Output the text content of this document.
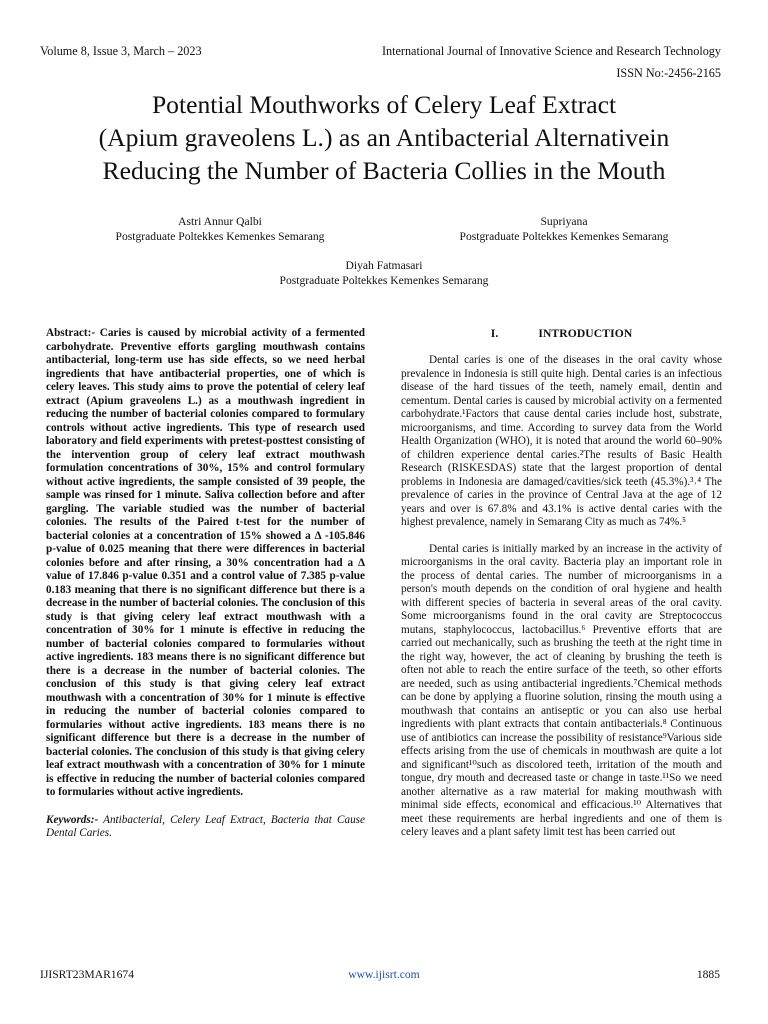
Volume 8, Issue 3, March – 2023	International Journal of Innovative Science and Research Technology
ISSN No:-2456-2165
Potential Mouthworks of Celery Leaf Extract
(Apium graveolens L.) as an Antibacterial Alternativein
Reducing the Number of Bacteria Collies in the Mouth
Astri Annur Qalbi
Postgraduate Poltekkes Kemenkes Semarang
Supriyana
Postgraduate Poltekkes Kemenkes Semarang
Diyah Fatmasari
Postgraduate Poltekkes Kemenkes Semarang

Abstract:- Caries is caused by microbial activity of a fermented carbohydrate. Preventive efforts gargling mouthwash contains antibacterial, long-term use has side effects, so we need herbal ingredients that have antibacterial properties, one of which is celery leaves. This study aims to prove the potential of celery leaf extract (Apium graveolens L.) as a mouthwash ingredient in reducing the number of bacterial colonies compared to formulary controls without active ingredients. This type of research used laboratory and field experiments with pretest-posttest consisting of the intervention group of celery leaf extract mouthwash formulation concentrations of 30%, 15% and control formulary without active ingredients, the sample consisted of 39 people, the sample was rinsed for 1 minute. Saliva collection before and after gargling. The variable studied was the number of bacterial colonies. The results of the Paired t-test for the number of bacterial colonies at a concentration of 15% showed a Δ -105.846 p-value of 0.025 meaning that there were differences in bacterial colonies before and after rinsing, a 30% concentration had a Δ value of 17.846 p-value 0.351 and a control value of 7.385 p-value 0.183 meaning that there is no significant difference but there is a decrease in the number of bacterial colonies. The conclusion of this study is that giving celery leaf extract mouthwash with a concentration of 30% for 1 minute is effective in reducing the number of bacterial colonies compared to formularies without active ingredients. 183 means there is no significant difference but there is a decrease in the number of bacterial colonies. The conclusion of this study is that giving celery leaf extract mouthwash with a concentration of 30% for 1 minute is effective in reducing the number of bacterial colonies compared to formularies without active ingredients. 183 means there is no significant difference but there is a decrease in the number of bacterial colonies. The conclusion of this study is that giving celery leaf extract mouthwash with a concentration of 30% for 1 minute is effective in reducing the number of bacterial colonies compared to formularies without active ingredients.

Keywords:- Antibacterial, Celery Leaf Extract, Bacteria that Cause Dental Caries.

I.	INTRODUCTION

Dental caries is one of the diseases in the oral cavity whose prevalence in Indonesia is still quite high. Dental caries is an infectious disease of the hard tissues of the teeth, namely email, dentin and cementum. Dental caries is caused by microbial activity on a fermented carbohydrate.¹Factors that cause dental caries include host, substrate, microorganisms, and time. According to survey data from the World Health Organization (WHO), it is noted that around the world 60–90% of children experience dental caries.²The results of Basic Health Research (RISKESDAS) state that the largest proportion of dental problems in Indonesia are damaged/cavities/sick teeth (45.3%).³˒⁴ The prevalence of caries in the province of Central Java at the age of 12 years and over is 67.8% and 43.1% is active dental caries with the highest prevalence, namely in Semarang City as much as 74%.⁵

Dental caries is initially marked by an increase in the activity of microorganisms in the oral cavity. Bacteria play an important role in the process of dental caries. The number of microorganisms in a person's mouth depends on the condition of oral hygiene and health with different species of bacteria in several areas of the oral cavity. Some microorganisms found in the oral cavity are Streptococcus mutans, staphylococcus, lactobacillus.⁶ Preventive efforts that are carried out mechanically, such as brushing the teeth at the right time in the right way, however, the act of cleaning by brushing the teeth is often not able to reach the entire surface of the teeth, so other efforts are needed, such as using antibacterial ingredients.⁷Chemical methods can be done by applying a fluorine solution, rinsing the mouth using a mouthwash that contains an antiseptic or you can also use herbal ingredients with plant extracts that contain antibacterials.⁸ Continuous use of antibiotics can increase the possibility of resistance⁹Various side effects arising from the use of chemicals in mouthwash are quite a lot and significant¹⁰such as discolored teeth, irritation of the mouth and tongue, dry mouth and decreased taste or change in taste.¹¹So we need another alternative as a raw material for making mouthwash with minimal side effects, economical and efficacious.¹⁰ Alternatives that meet these requirements are herbal ingredients and one of them is celery leaves and a plant safety limit test has been carried out

IJISRT23MAR1674	www.ijisrt.com	1885
